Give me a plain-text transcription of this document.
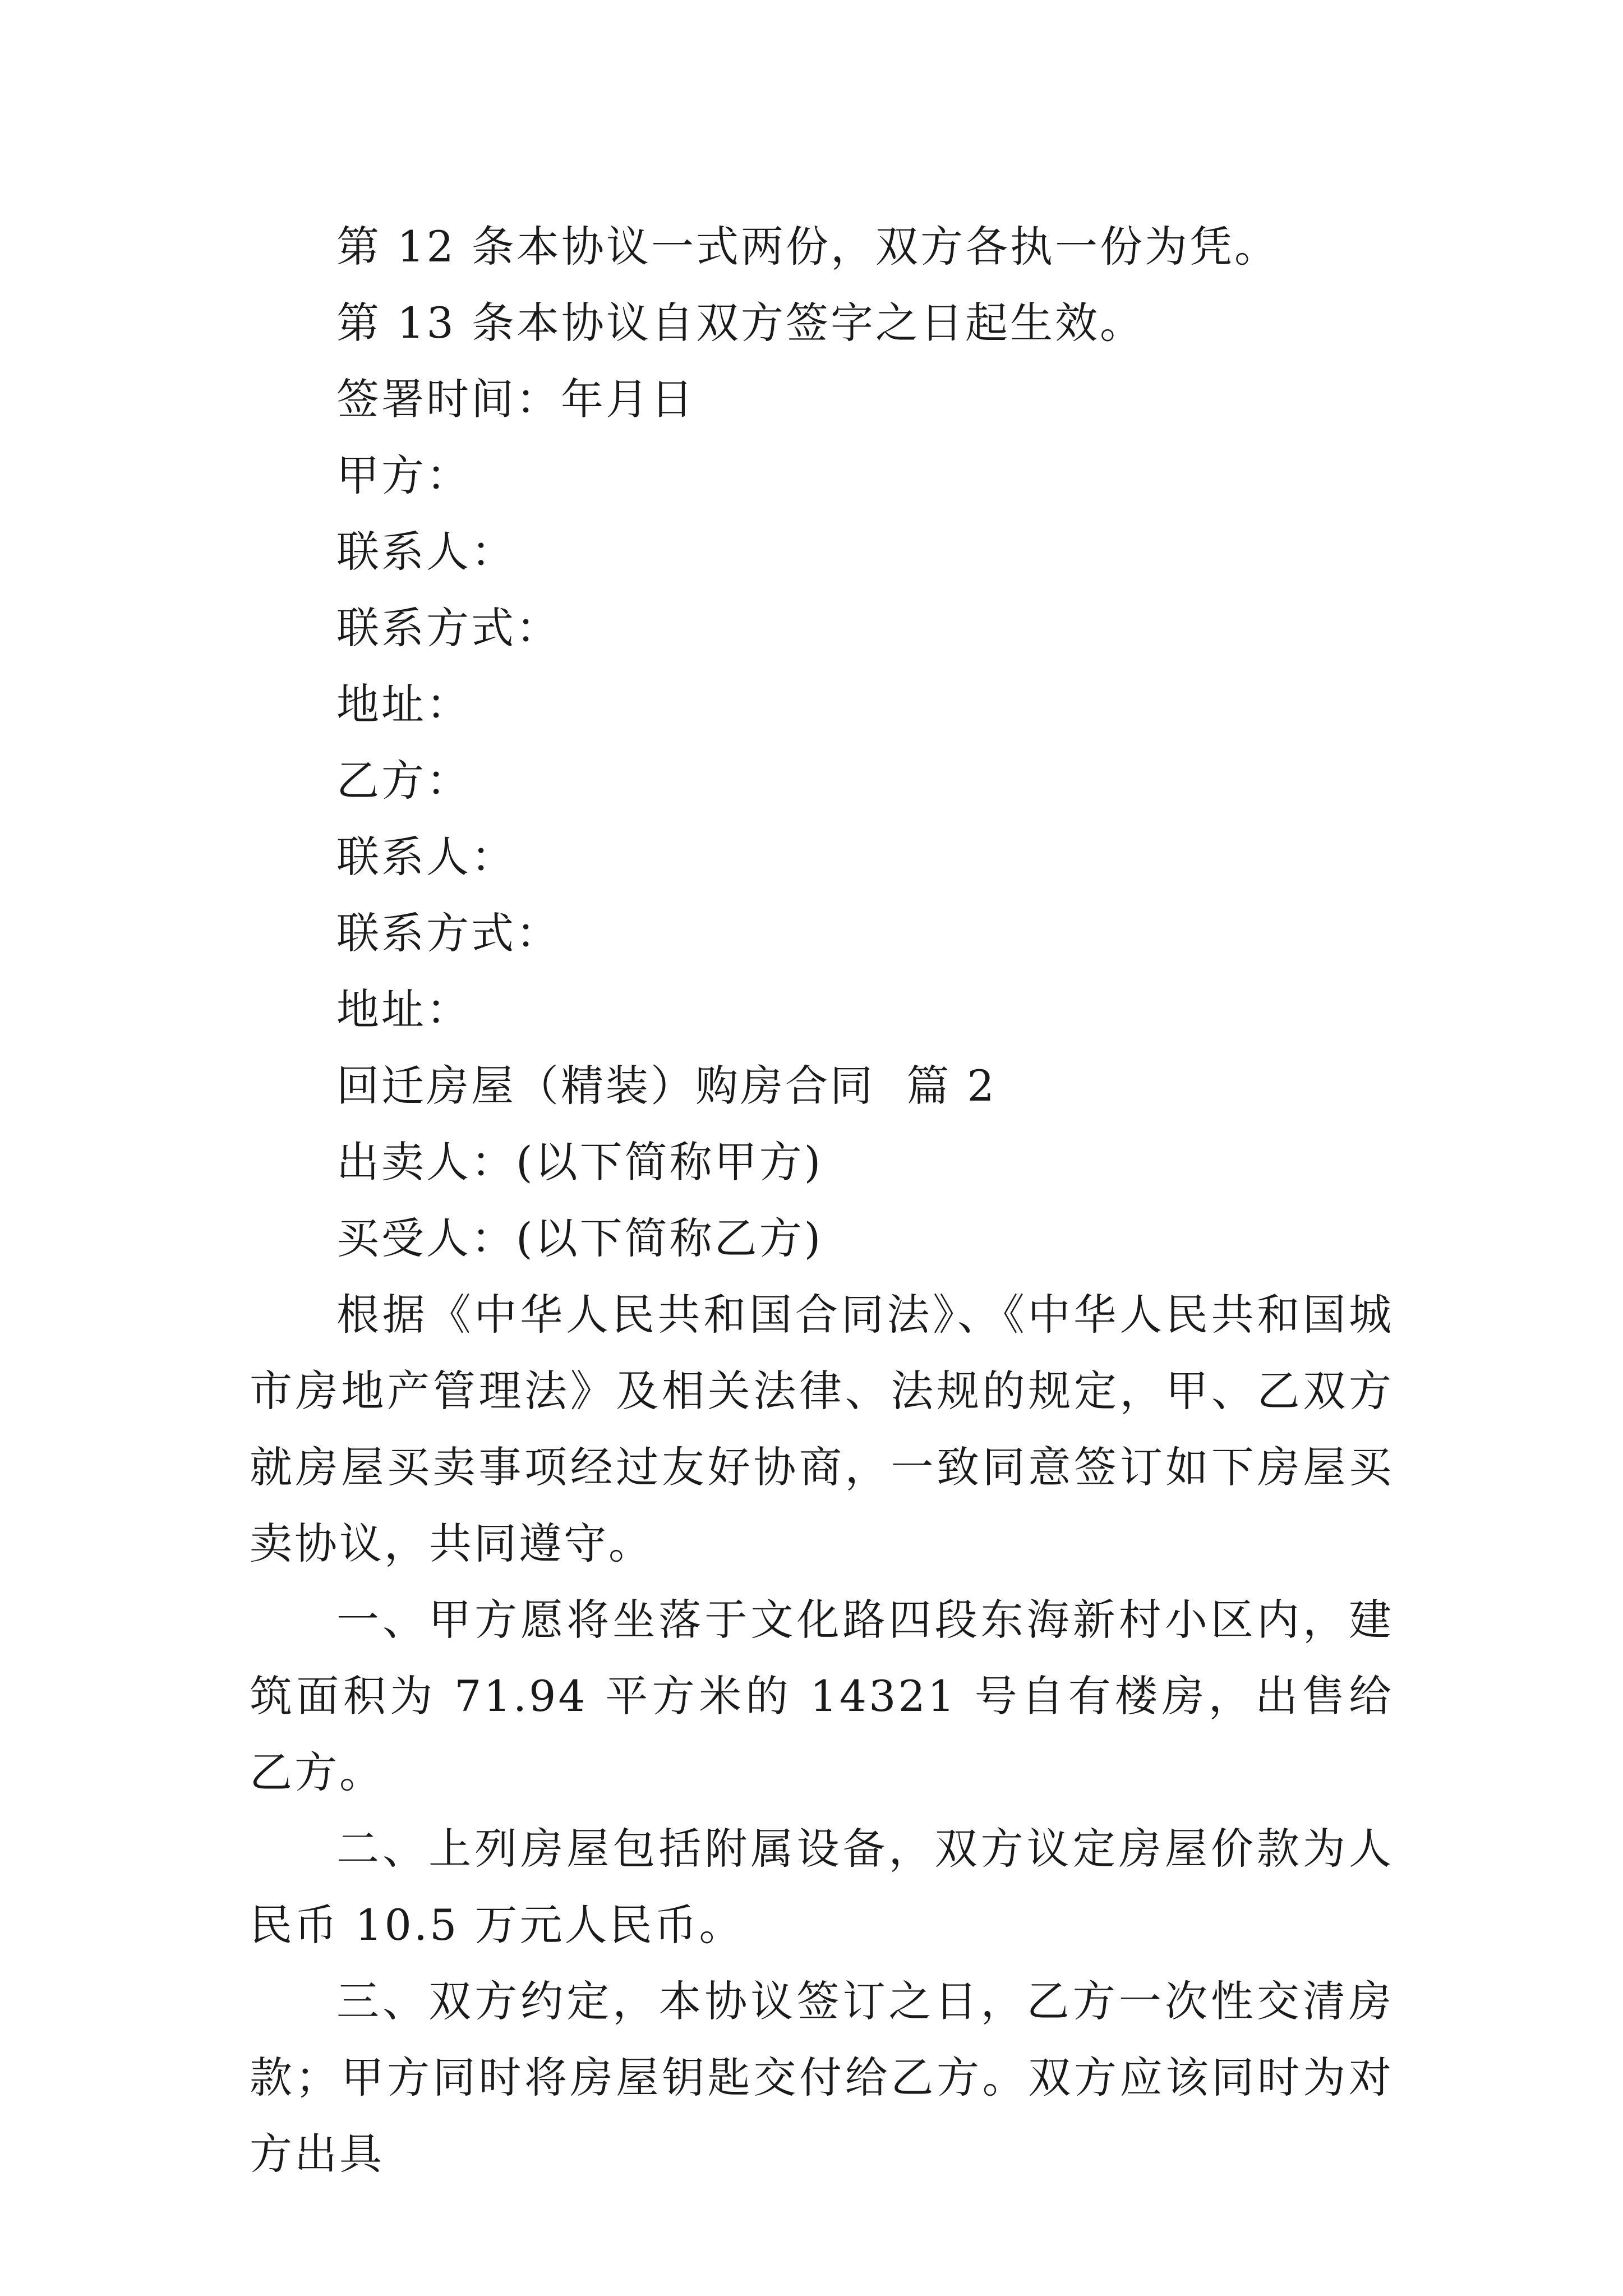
第 12 条本协议一式两份，双方各执一份为凭。

第 13 条本协议自双方签字之日起生效。

签署时间：年月日

甲方：

联系人：

联系方式：

地址：

乙方：

联系人：

联系方式：

地址：

回迁房屋（精装）购房合同  篇 2

出卖人：(以下简称甲方)

买受人：(以下简称乙方)

根据《中华人民共和国合同法》、《中华人民共和国城市房地产管理法》及相关法律、法规的规定，甲、乙双方就房屋买卖事项经过友好协商，一致同意签订如下房屋买卖协议，共同遵守。

一、甲方愿将坐落于文化路四段东海新村小区内，建筑面积为 71.94 平方米的 14321 号自有楼房，出售给乙方。

二、上列房屋包括附属设备，双方议定房屋价款为人民币 10.5 万元人民币。

三、双方约定，本协议签订之日，乙方一次性交清房款；甲方同时将房屋钥匙交付给乙方。双方应该同时为对方出具
